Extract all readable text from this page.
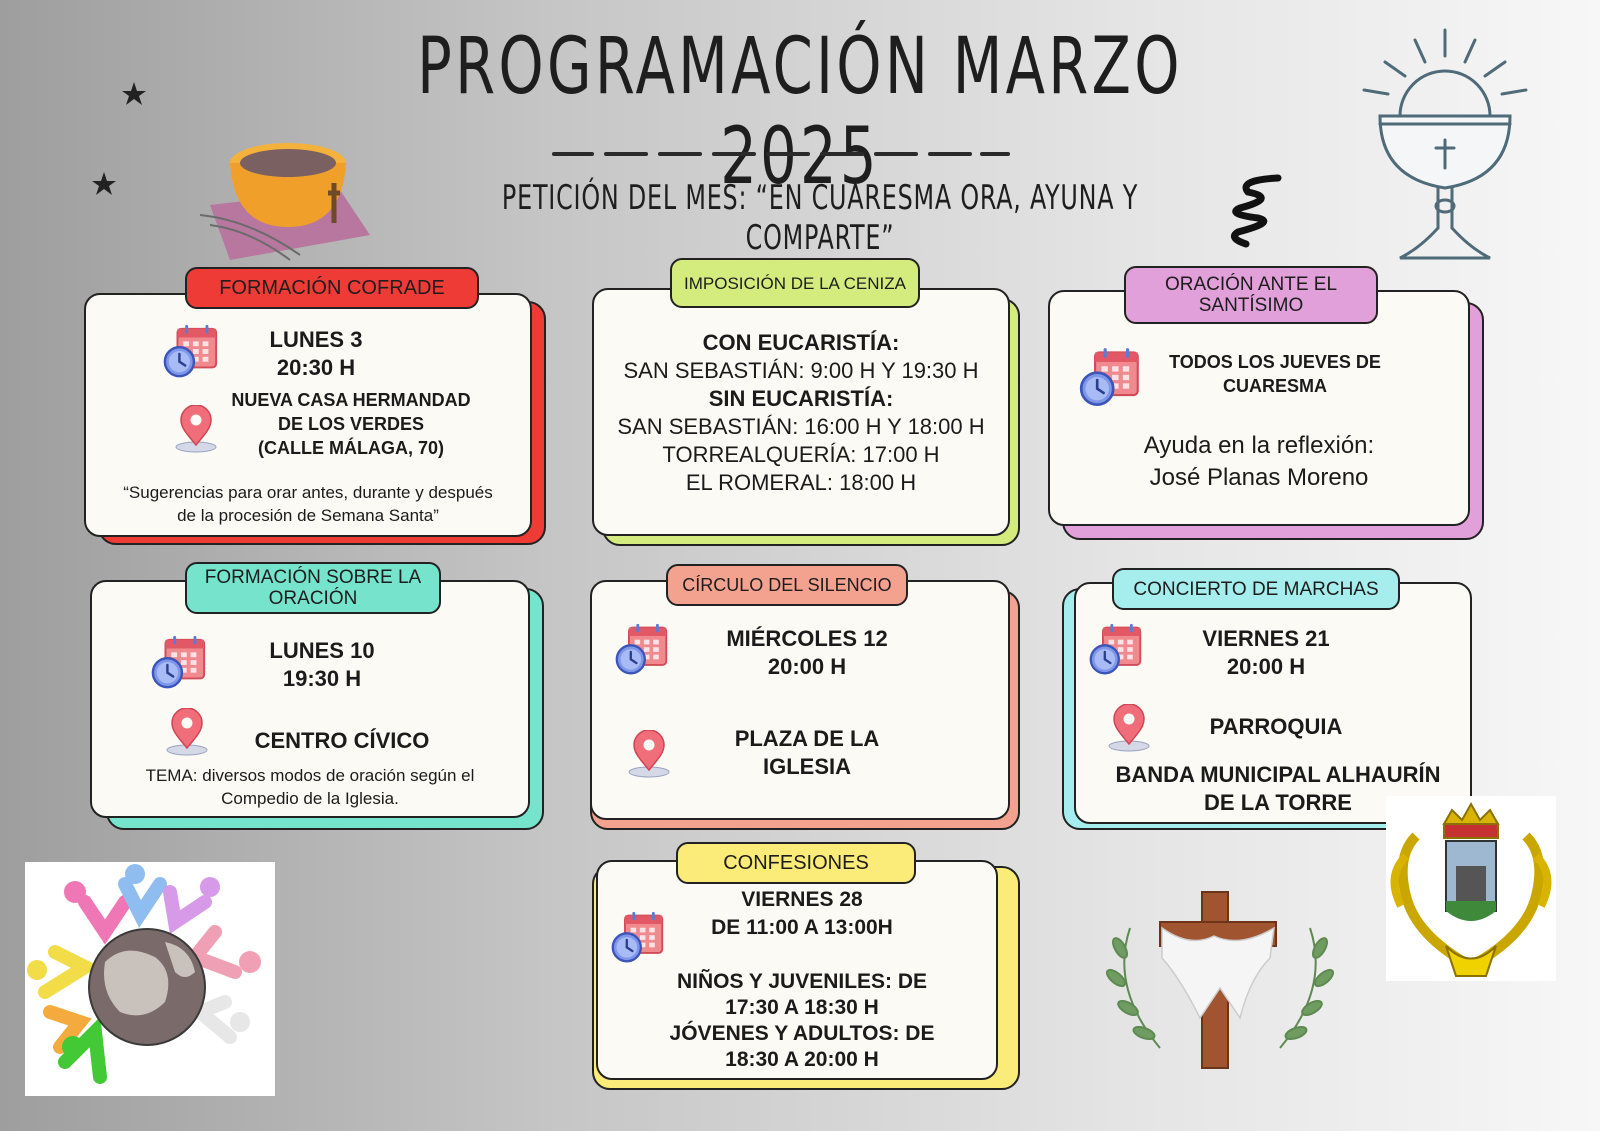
PROGRAMACIÓN MARZO 2025
PETICIÓN DEL MES: “EN CUARESMA ORA, AYUNA Y COMPARTE”
LUNES 3
20:30 H
NUEVA CASA HERMANDAD
DE LOS VERDES
(CALLE MÁLAGA, 70)
“Sugerencias para orar antes, durante y después
de la procesión de Semana Santa”
FORMACIÓN COFRADE
CON EUCARISTÍA:
SAN SEBASTIÁN: 9:00 H Y 19:30 H
SIN EUCARISTÍA:
SAN SEBASTIÁN: 16:00 H Y 18:00 H
TORREALQUERÍA: 17:00 H
EL ROMERAL: 18:00 H
IMPOSICIÓN DE LA CENIZA
TODOS LOS JUEVES DE
CUARESMA
Ayuda en la reflexión:
José Planas Moreno
ORACIÓN ANTE EL
SANTÍSIMO
LUNES 10
19:30 H
CENTRO CÍVICO
TEMA: diversos modos de oración según el
Compedio de la Iglesia.
FORMACIÓN SOBRE LA
ORACIÓN
MIÉRCOLES 12
20:00 H
PLAZA DE LA
IGLESIA
CÍRCULO DEL SILENCIO
VIERNES 21
20:00 H
PARROQUIA
BANDA MUNICIPAL ALHAURÍN
DE LA TORRE
CONCIERTO DE MARCHAS
VIERNES 28
DE 11:00 A 13:00H
NIÑOS Y JUVENILES: DE
17:30 A 18:30 H
JÓVENES Y ADULTOS: DE
18:30 A 20:00 H
CONFESIONES
